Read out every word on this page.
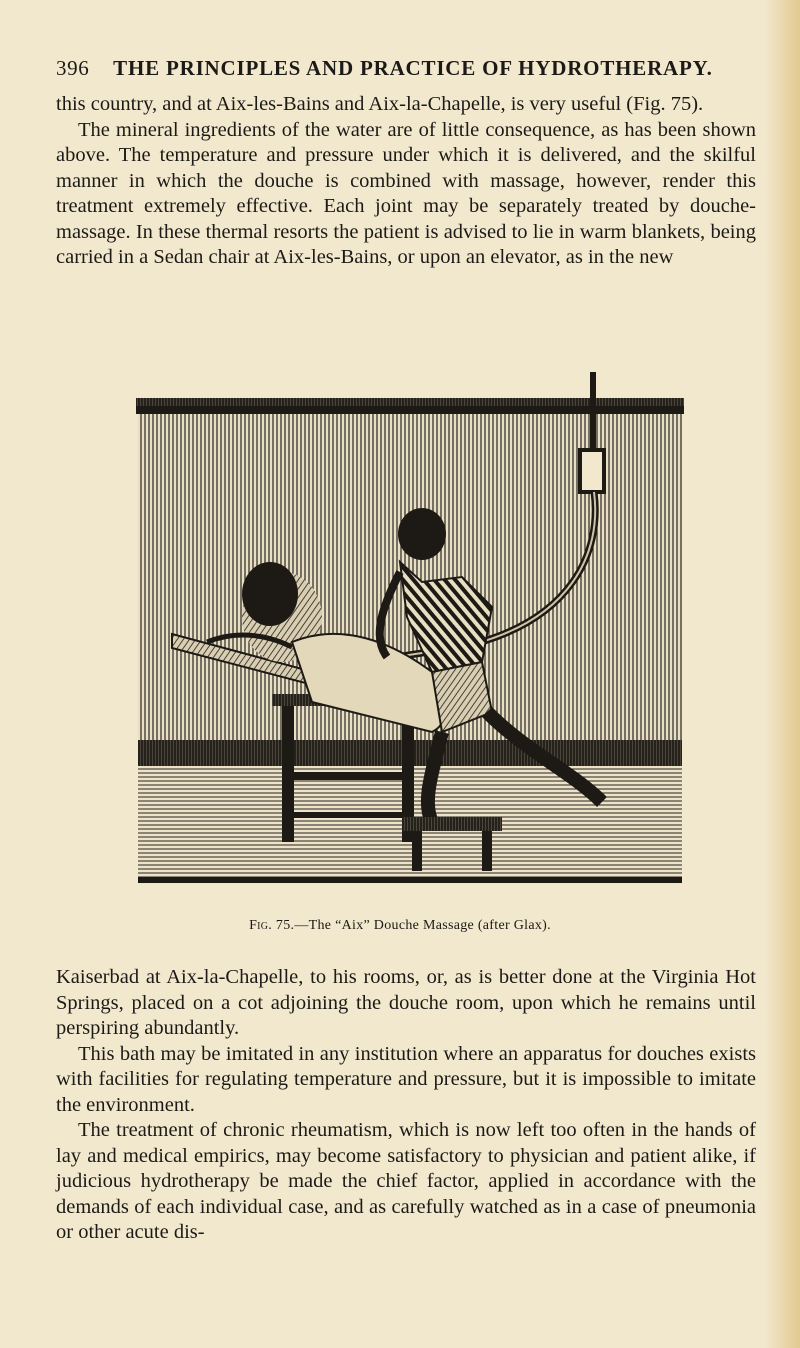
396 THE PRINCIPLES AND PRACTICE OF HYDROTHERAPY.

this country, and at Aix-les-Bains and Aix-la-Chapelle, is very useful (Fig. 75).

The mineral ingredients of the water are of little consequence, as has been shown above. The temperature and pressure under which it is delivered, and the skilful manner in which the douche is combined with massage, however, render this treatment extremely effective. Each joint may be separately treated by douche-massage. In these thermal resorts the patient is advised to lie in warm blankets, being carried in a Sedan chair at Aix-les-Bains, or upon an elevator, as in the new

Fig. 75.—The “Aix” Douche Massage (after Glax).

Kaiserbad at Aix-la-Chapelle, to his rooms, or, as is better done at the Virginia Hot Springs, placed on a cot adjoining the douche room, upon which he remains until perspiring abundantly.

This bath may be imitated in any institution where an apparatus for douches exists with facilities for regulating temperature and pressure, but it is impossible to imitate the environment.

The treatment of chronic rheumatism, which is now left too often in the hands of lay and medical empirics, may become satisfactory to physician and patient alike, if judicious hydrotherapy be made the chief factor, applied in accordance with the demands of each individual case, and as carefully watched as in a case of pneumonia or other acute dis-
